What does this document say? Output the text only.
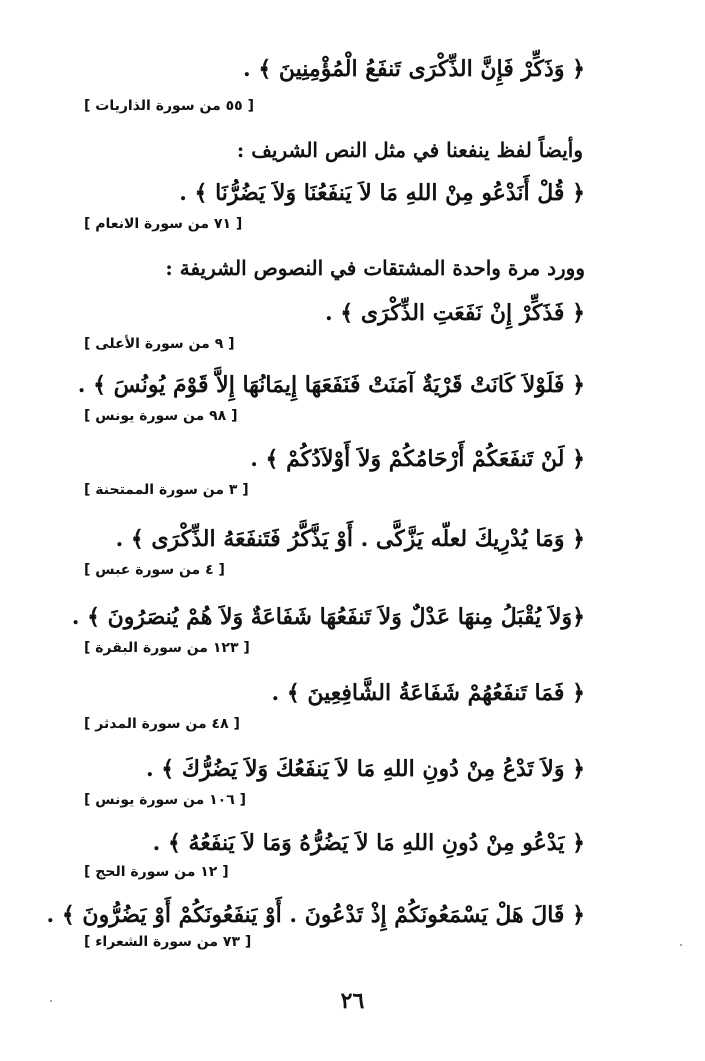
﴿ وَذَكِّرْ فَإِنَّ الذِّكْرَى تَنفَعُ الْمُؤْمِنِينَ ﴾ .
[ ٥٥ من سورة الذاريات ]
وأيضاً لفظ ينفعنا في مثل النص الشريف :
﴿ قُلْ أَنَدْعُو مِنْ اللهِ مَا لاَ يَنفَعُنَا وَلاَ يَضُرُّنَا ﴾ .
[ ٧١ من سورة الانعام ]
وورد مرة واحدة المشتقات في النصوص الشريفة :
﴿ فَذَكِّرْ إِنْ نَفَعَتِ الذِّكْرَى ﴾ .
[ ٩ من سورة الأعلى ]
﴿ فَلَوْلاَ كَانَتْ قَرْيَةٌ آمَنَتْ فَنَفَعَهَا إِيمَانُهَا إِلاَّ قَوْمَ يُونُسَ ﴾ .
[ ٩٨ من سورة يونس ]
﴿ لَنْ تَنفَعَكُمْ أَرْحَامُكُمْ وَلاَ أَوْلاَدُكُمْ ﴾ .
[ ٣ من سورة الممتحنة ]
﴿ وَمَا يُدْرِيكَ لعلّه يَزَّكَّى . أَوْ يَذَّكَّرُ فَتَنفَعَهُ الذِّكْرَى ﴾ .
[ ٤ من سورة عبس ]
﴿وَلاَ يُقْبَلُ مِنهَا عَدْلٌ وَلاَ تَنفَعُهَا شَفَاعَةٌ وَلاَ هُمْ يُنصَرُونَ ﴾ .
[ ١٢٣ من سورة البقرة ]
﴿ فَمَا تَنفَعُهُمْ شَفَاعَةُ الشَّافِعِينَ ﴾ .
[ ٤٨ من سورة المدثر ]
﴿ وَلاَ تَدْعُ مِنْ دُونِ اللهِ مَا لاَ يَنفَعُكَ وَلاَ يَضُرُّكَ ﴾ .
[ ١٠٦ من سورة يونس ]
﴿ يَدْعُو مِنْ دُونِ اللهِ مَا لاَ يَضُرُّهُ وَمَا لاَ يَنفَعُهُ ﴾ .
[ ١٢ من سورة الحج ]
﴿ قَالَ هَلْ يَسْمَعُونَكُمْ إِذْ تَدْعُونَ . أَوْ يَنفَعُونَكُمْ أَوْ يَضُرُّونَ ﴾ .
[ ٧٣ من سورة الشعراء ]
٢٦
